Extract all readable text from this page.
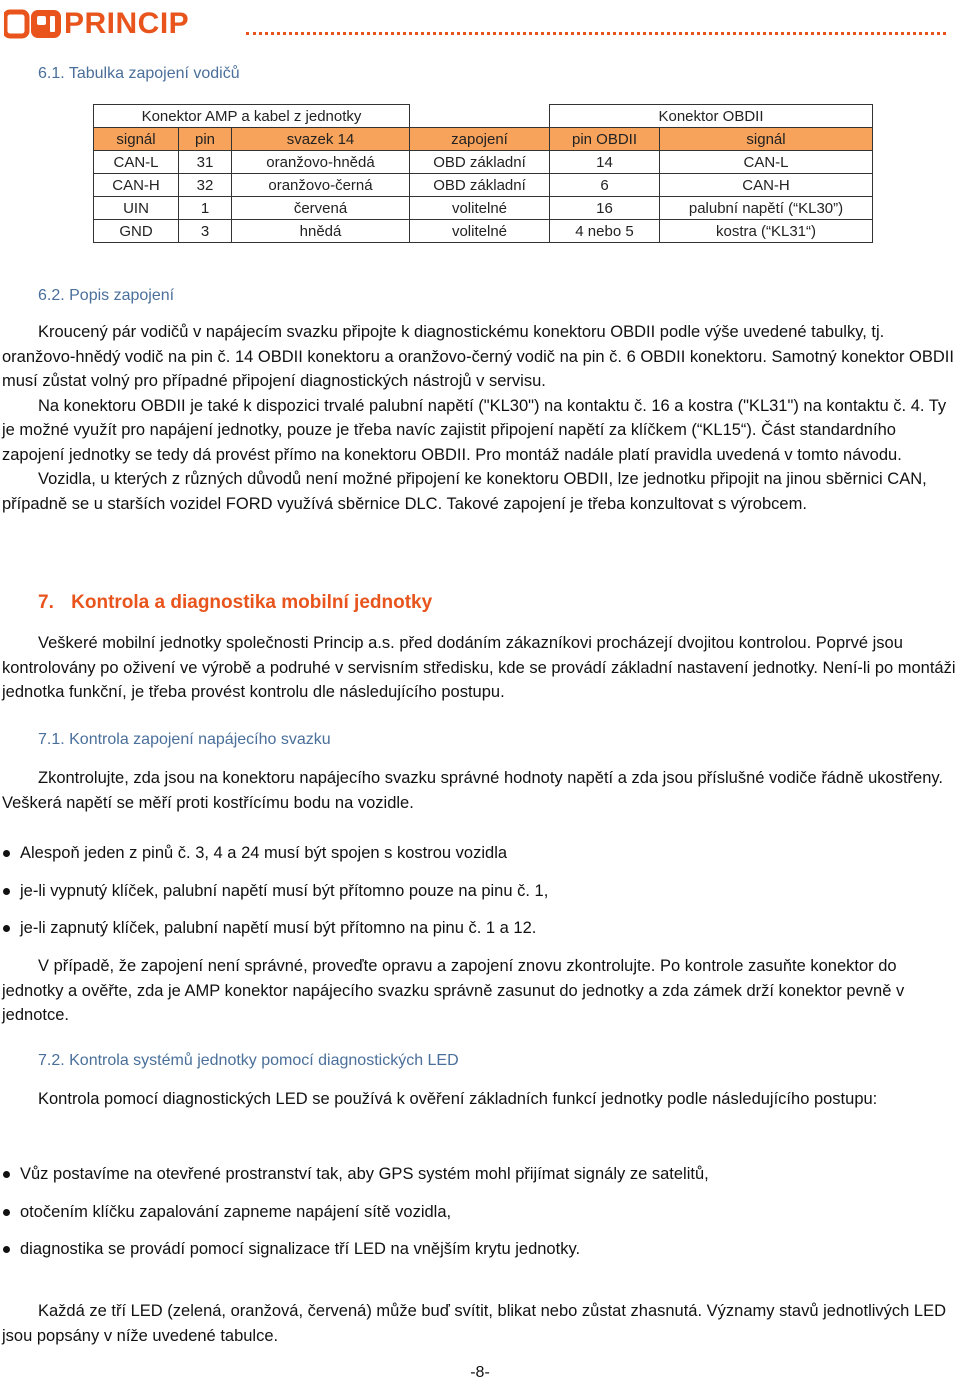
PRINCIP
6.1. Tabulka zapojení vodičů
Konektor AMP a kabel z jednotky				Konektor OBDII	
signál	pin	svazek 14	zapojení	pin OBDII	signál
CAN-L	31	oranžovo-hnědá	OBD základní	14	CAN-L
CAN-H	32	oranžovo-černá	OBD základní	6	CAN-H
UIN	1	červená	volitelné	16	palubní napětí (“KL30”)
GND	3	hnědá	volitelné	4 nebo 5	kostra (“KL31“)
6.2. Popis zapojení

Kroucený pár vodičů v napájecím svazku připojte k diagnostickému konektoru OBDII podle výše uvedené tabulky, tj. oranžovo-hnědý vodič na pin č. 14 OBDII konektoru a oranžovo-černý vodič na pin č. 6 OBDII konektoru. Samotný konektor OBDII musí zůstat volný pro případné připojení diagnostických nástrojů v servisu.

Na konektoru OBDII je také k dispozici trvalé palubní napětí ("KL30") na kontaktu č. 16 a kostra ("KL31") na kontaktu č. 4. Ty je možné využít pro napájení jednotky, pouze je třeba navíc zajistit připojení napětí za klíčkem (“KL15“). Část standardního zapojení jednotky se tedy dá provést přímo na konektoru OBDII. Pro montáž nadále platí pravidla uvedená v tomto návodu.

Vozidla, u kterých z různých důvodů není možné připojení ke konektoru OBDII, lze jednotku připojit na jinou sběrnici CAN, případně se u starších vozidel FORD využívá sběrnice DLC. Takové zapojení je třeba konzultovat s výrobcem.

7. Kontrola a diagnostika mobilní jednotky

Veškeré mobilní jednotky společnosti Princip a.s. před dodáním zákazníkovi procházejí dvojitou kontrolou. Poprvé jsou kontrolovány po oživení ve výrobě a podruhé v servisním středisku, kde se provádí základní nastavení jednotky. Není-li po montáži jednotka funkční, je třeba provést kontrolu dle následujícího postupu.

7.1. Kontrola zapojení napájecího svazku

Zkontrolujte, zda jsou na konektoru napájecího svazku správné hodnoty napětí a zda jsou příslušné vodiče řádně ukostřeny. Veškerá napětí se měří proti kostřícímu bodu na vozidle.

Alespoň jeden z pinů č. 3, 4 a 24 musí být spojen s kostrou vozidla
je-li vypnutý klíček, palubní napětí musí být přítomno pouze na pinu č. 1,
je-li zapnutý klíček, palubní napětí musí být přítomno na pinu č. 1 a 12.

V případě, že zapojení není správné, proveďte opravu a zapojení znovu zkontrolujte. Po kontrole zasuňte konektor do jednotky a ověřte, zda je AMP konektor napájecího svazku správně zasunut do jednotky a zda zámek drží konektor pevně v jednotce.

7.2. Kontrola systémů jednotky pomocí diagnostických LED

Kontrola pomocí diagnostických LED se používá k ověření základních funkcí jednotky podle následujícího postupu:

Vůz postavíme na otevřené prostranství tak, aby GPS systém mohl přijímat signály ze satelitů,
otočením klíčku zapalování zapneme napájení sítě vozidla,
diagnostika se provádí pomocí signalizace tří LED na vnějším krytu jednotky.

Každá ze tří LED (zelená, oranžová, červená) může buď svítit, blikat nebo zůstat zhasnutá. Významy stavů jednotlivých LED jsou popsány v níže uvedené tabulce.

-8-
